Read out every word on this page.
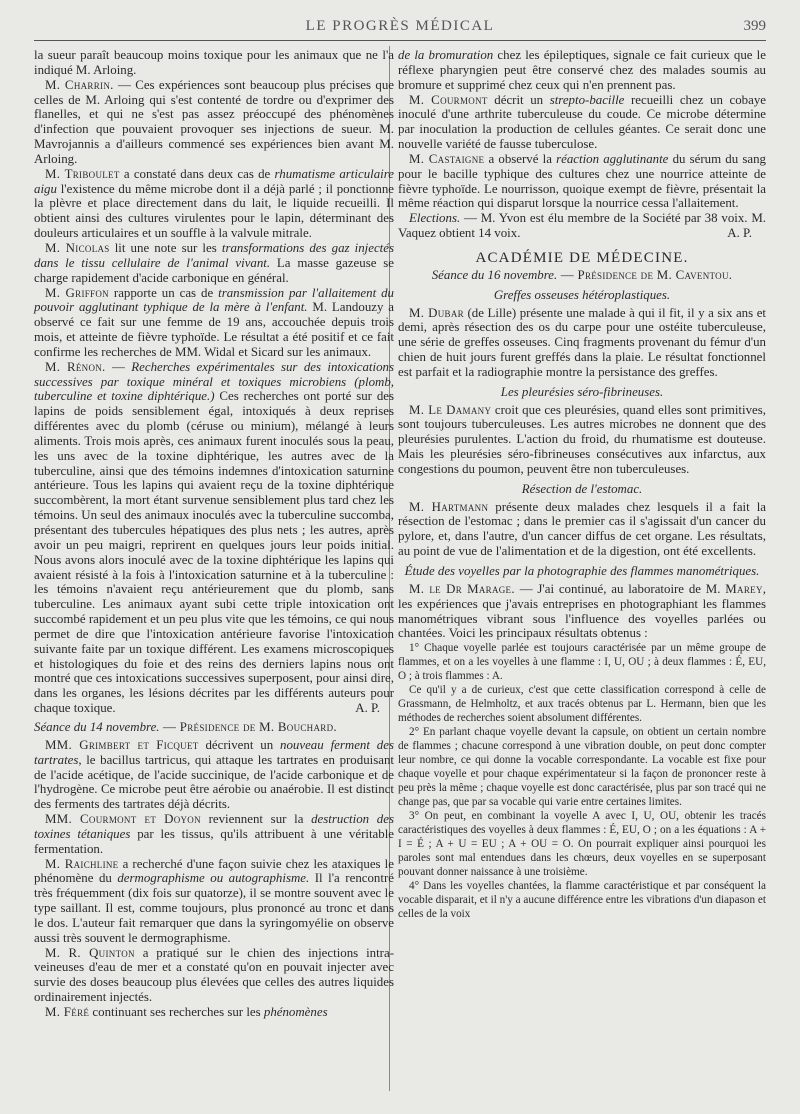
LE PROGRÈS MÉDICAL	399

la sueur paraît beaucoup moins toxique pour les animaux que ne l'a indiqué M. Arloing.

M. Charrin. — Ces expériences sont beaucoup plus précises que celles de M. Arloing qui s'est contenté de tordre ou d'exprimer des flanelles, et qui ne s'est pas assez préoccupé des phénomènes d'infection que pouvaient provoquer ses injections de sueur. M. Mavrojannis a d'ailleurs commencé ses expériences bien avant M. Arloing.

M. Triboulet a constaté dans deux cas de rhumatisme articulaire aigu l'existence du même microbe dont il a déjà parlé ; il ponctionne la plèvre et place directement dans du lait, le liquide recueilli. Il obtient ainsi des cultures virulentes pour le lapin, déterminant des douleurs articulaires et un souffle à la valvule mitrale.

M. Nicolas lit une note sur les transformations des gaz injectés dans le tissu cellulaire de l'animal vivant. La masse gazeuse se charge rapidement d'acide carbonique en général.

M. Griffon rapporte un cas de transmission par l'allaitement du pouvoir agglutinant typhique de la mère à l'enfant. M. Landouzy a observé ce fait sur une femme de 19 ans, accouchée depuis trois mois, et atteinte de fièvre typhoïde. Le résultat a été positif et ce fait confirme les recherches de MM. Widal et Sicard sur les animaux.

M. Rénon. — Recherches expérimentales sur des intoxications successives par toxique minéral et toxiques microbiens (plomb, tuberculine et toxine diphtérique.) Ces recherches ont porté sur des lapins de poids sensiblement égal, intoxiqués à deux reprises différentes avec du plomb (céruse ou minium), mélangé à leurs aliments. Trois mois après, ces animaux furent inoculés sous la peau, les uns avec de la toxine diphtérique, les autres avec de la tuberculine, ainsi que des témoins indemnes d'intoxication saturnine antérieure. Tous les lapins qui avaient reçu de la toxine diphtérique succombèrent, la mort étant survenue sensiblement plus tard chez les témoins. Un seul des animaux inoculés avec la tuberculine succomba, présentant des tubercules hépatiques des plus nets ; les autres, après avoir un peu maigri, reprirent en quelques jours leur poids initial. Nous avons alors inoculé avec de la toxine diphtérique les lapins qui avaient résisté à la fois à l'intoxication saturnine et à la tuberculine : les témoins n'avaient reçu antérieurement que du plomb, sans tuberculine. Les animaux ayant subi cette triple intoxication ont succombé rapidement et un peu plus vite que les témoins, ce qui nous permet de dire que l'intoxication antérieure favorise l'intoxication suivante faite par un toxique différent. Les examens microscopiques et histologiques du foie et des reins des derniers lapins nous ont montré que ces intoxications successives superposent, pour ainsi dire, dans les organes, les lésions décrites par les différents auteurs pour chaque toxique.	A. P.

Séance du 14 novembre. — Présidence de M. Bouchard.

MM. Grimbert et Ficquet décrivent un nouveau ferment des tartrates, le bacillus tartricus, qui attaque les tartrates en produisant de l'acide acétique, de l'acide succinique, de l'acide carbonique et de l'hydrogène. Ce microbe peut être aérobie ou anaérobie. Il est distinct des ferments des tartrates déjà décrits.

MM. Courmont et Doyon reviennent sur la destruction des toxines tétaniques par les tissus, qu'ils attribuent à une véritable fermentation.

M. Raichline a recherché d'une façon suivie chez les ataxiques le phénomène du dermographisme ou autographisme. Il l'a rencontré très fréquemment (dix fois sur quatorze), il se montre souvent avec le type saillant. Il est, comme toujours, plus prononcé au tronc et dans le dos. L'auteur fait remarquer que dans la syringomyélie on observe aussi très souvent le dermographisme.

M. R. Quinton a pratiqué sur le chien des injections intra-veineuses d'eau de mer et a constaté qu'on en pouvait injecter avec survie des doses beaucoup plus élevées que celles des autres liquides ordinairement injectés.

M. Féré continuant ses recherches sur les phénomènes

de la bromuration chez les épileptiques, signale ce fait curieux que le réflexe pharyngien peut être conservé chez des malades soumis au bromure et supprimé chez ceux qui n'en prennent pas.

M. Courmont décrit un strepto-bacille recueilli chez un cobaye inoculé d'une arthrite tuberculeuse du coude. Ce microbe détermine par inoculation la production de cellules géantes. Ce serait donc une nouvelle variété de fausse tuberculose.

M. Castaigne a observé la réaction agglutinante du sérum du sang pour le bacille typhique des cultures chez une nourrice atteinte de fièvre typhoïde. Le nourrisson, quoique exempt de fièvre, présentait la même réaction qui disparut lorsque la nourrice cessa l'allaitement.

Elections. — M. Yvon est élu membre de la Société par 38 voix. M. Vaquez obtient 14 voix.	A. P.

ACADÉMIE DE MÉDECINE.

Séance du 16 novembre. — Présidence de M. Caventou.

Greffes osseuses hétéroplastiques.

M. Dubar (de Lille) présente une malade à qui il fit, il y a six ans et demi, après résection des os du carpe pour une ostéite tuberculeuse, une série de greffes osseuses. Cinq fragments provenant du fémur d'un chien de huit jours furent greffés dans la plaie. Le résultat fonctionnel est parfait et la radiographie montre la persistance des greffes.

Les pleurésies séro-fibrineuses.

M. Le Damany croit que ces pleurésies, quand elles sont primitives, sont toujours tuberculeuses. Les autres microbes ne donnent que des pleurésies purulentes. L'action du froid, du rhumatisme est douteuse. Mais les pleurésies séro-fibrineuses consécutives aux infarctus, aux congestions du poumon, peuvent être non tuberculeuses.

Résection de l'estomac.

M. Hartmann présente deux malades chez lesquels il a fait la résection de l'estomac ; dans le premier cas il s'agissait d'un cancer du pylore, et, dans l'autre, d'un cancer diffus de cet organe. Les résultats, au point de vue de l'alimentation et de la digestion, ont été excellents.

Étude des voyelles par la photographie des flammes manométriques.

M. le Dr Marage. — J'ai continué, au laboratoire de M. Marey, les expériences que j'avais entreprises en photographiant les flammes manométriques vibrant sous l'influence des voyelles parlées ou chantées. Voici les principaux résultats obtenus :

1° Chaque voyelle parlée est toujours caractérisée par un même groupe de flammes, et on a les voyelles à une flamme : I, U, OU ; à deux flammes : É, EU, O ; à trois flammes : A.

Ce qu'il y a de curieux, c'est que cette classification correspond à celle de Grassmann, de Helmholtz, et aux tracés obtenus par L. Hermann, bien que les méthodes de recherches soient absolument différentes.

2° En parlant chaque voyelle devant la capsule, on obtient un certain nombre de flammes ; chacune correspond à une vibration double, on peut donc compter leur nombre, ce qui donne la vocable correspondante. La vocable est fixe pour chaque voyelle et pour chaque expérimentateur si la façon de prononcer reste à peu près la même ; chaque voyelle est donc caractérisée, plus par son tracé qui ne change pas, que par sa vocable qui varie entre certaines limites.

3° On peut, en combinant la voyelle A avec I, U, OU, obtenir les tracés caractéristiques des voyelles à deux flammes : É, EU, O ; on a les équations : A + I = É ; A + U = EU ; A + OU = O. On pourrait expliquer ainsi pourquoi les paroles sont mal entendues dans les chœurs, deux voyelles en se superposant pouvant donner naissance à une troisième.

4° Dans les voyelles chantées, la flamme caractéristique et par conséquent la vocable disparait, et il n'y a aucune différence entre les vibrations d'un diapason et celles de la voix
